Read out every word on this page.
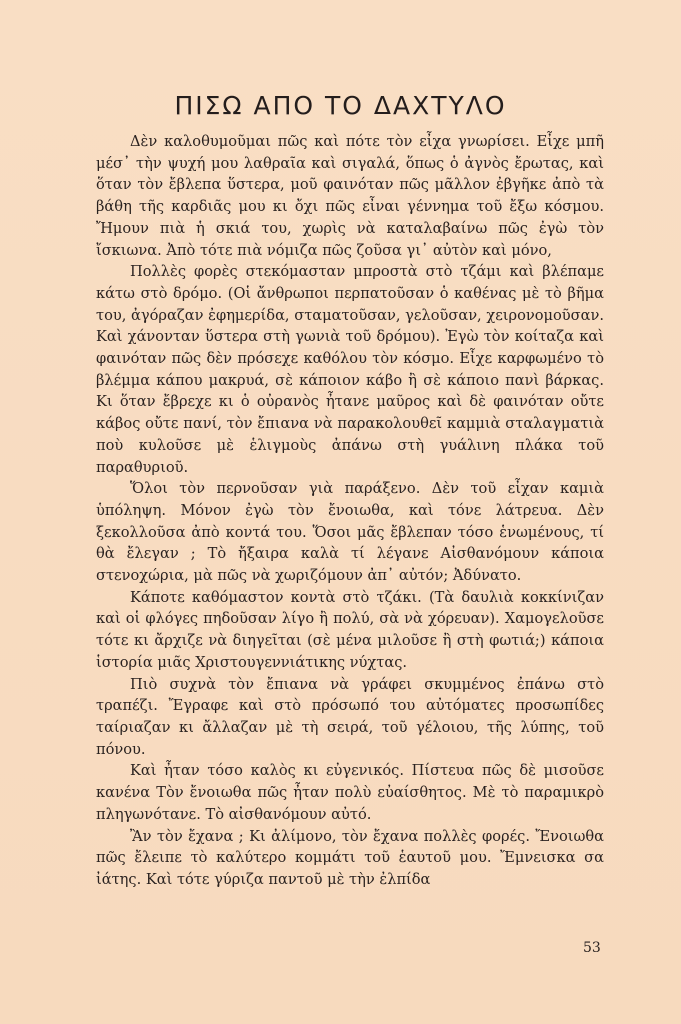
ΠΙΣΩ ΑΠΟ ΤΟ ΔΑΧΤΥΛΟ

Δὲν καλοθυμοῦμαι πῶς καὶ πότε τὸν εἶχα γνωρίσει. Εἶχε μπῆ μέσ᾽ τὴν ψυχή μου λαθραῖα καὶ σιγαλά, ὅπως ὁ ἀγνὸς ἔρωτας, καὶ ὅταν τὸν ἔβλεπα ὕστερα, μοῦ φαινόταν πῶς μᾶλλον ἐβγῆκε ἀπὸ τὰ βάθη τῆς καρδιᾶς μου κι ὄχι πῶς εἶναι γέννημα τοῦ ἔξω κόσμου. Ἤμουν πιὰ ἡ σκιά του, χωρὶς νὰ καταλαβαίνω πῶς ἐγὼ τὸν ἴσκιωνα. Ἀπὸ τότε πιὰ νόμιζα πῶς ζοῦσα γι᾽ αὐτὸν καὶ μόνο,

Πολλὲς φορὲς στεκόμασταν μπροστὰ στὸ τζάμι καὶ βλέπαμε κάτω στὸ δρόμο. (Οἱ ἄνθρωποι περπατοῦσαν ὁ καθένας μὲ τὸ βῆμα του, ἀγόραζαν ἐφημερίδα, σταματοῦσαν, γελοῦσαν, χειρονομοῦσαν. Καὶ χάνονταν ὕστερα στὴ γωνιὰ τοῦ δρόμου). Ἐγὼ τὸν κοίταζα καὶ φαινόταν πῶς δὲν πρόσεχε καθόλου τὸν κόσμο. Εἶχε καρφωμένο τὸ βλέμμα κάπου μακρυά, σὲ κάποιον κάβο ἢ σὲ κάποιο πανὶ βάρκας. Κι ὅταν ἔβρεχε κι ὁ οὐρανὸς ἦτανε μαῦρος καὶ δὲ φαινόταν οὔτε κάβος οὔτε πανί, τὸν ἔπιανα νὰ παρακολουθεῖ καμμιὰ σταλαγματιὰ ποὺ κυλοῦσε μὲ ἑλιγμοὺς ἀπάνω στὴ γυάλινη πλάκα τοῦ παραθυριοῦ.

Ὅλοι τὸν περνοῦσαν γιὰ παράξενο. Δὲν τοῦ εἶχαν καμιὰ ὑπόληψη. Μόνον ἐγὼ τὸν ἔνοιωθα, καὶ τόνε λάτρευα. Δὲν ξεκολλοῦσα ἀπὸ κοντά του. Ὅσοι μᾶς ἔβλεπαν τόσο ἑνωμένους, τί θὰ ἔλεγαν ; Τὸ ἤξαιρα καλὰ τί λέγανε Αἰσθανόμουν κάποια στενοχώρια, μὰ πῶς νὰ χωριζόμουν ἀπ᾽ αὐτόν; Ἀδύνατο.

Κάποτε καθόμαστον κοντὰ στὸ τζάκι. (Τὰ δαυλιὰ κοκκίνιζαν καὶ οἱ φλόγες πηδοῦσαν λίγο ἢ πολύ, σὰ νὰ χόρευαν). Χαμογελοῦσε τότε κι ἄρχιζε νὰ διηγεῖται (σὲ μένα μιλοῦσε ἢ στὴ φωτιά;) κάποια ἱστορία μιᾶς Χριστουγεννιάτικης νύχτας.

Πιὸ συχνὰ τὸν ἔπιανα νὰ γράφει σκυμμένος ἐπάνω στὸ τραπέζι. Ἔγραφε καὶ στὸ πρόσωπό του αὐτόματες προσωπίδες ταίριαζαν κι ἄλλαζαν μὲ τὴ σειρά, τοῦ γέλοιου, τῆς λύπης, τοῦ πόνου.

Καὶ ἦταν τόσο καλὸς κι εὐγενικός. Πίστευα πῶς δὲ μισοῦσε κανένα Τὸν ἔνοιωθα πῶς ἦταν πολὺ εὐαίσθητος. Μὲ τὸ παραμικρὸ πληγωνότανε. Τὸ αἰσθανόμουν αὐτό.

Ἂν τὸν ἔχανα ; Κι ἀλίμονο, τὸν ἔχανα πολλὲς φορές. Ἔνοιωθα πῶς ἔλειπε τὸ καλύτερο κομμάτι τοῦ ἑαυτοῦ μου. Ἔμνεισκα σα ἰάτης. Καὶ τότε γύριζα παντοῦ μὲ τὴν ἐλπίδα

53
